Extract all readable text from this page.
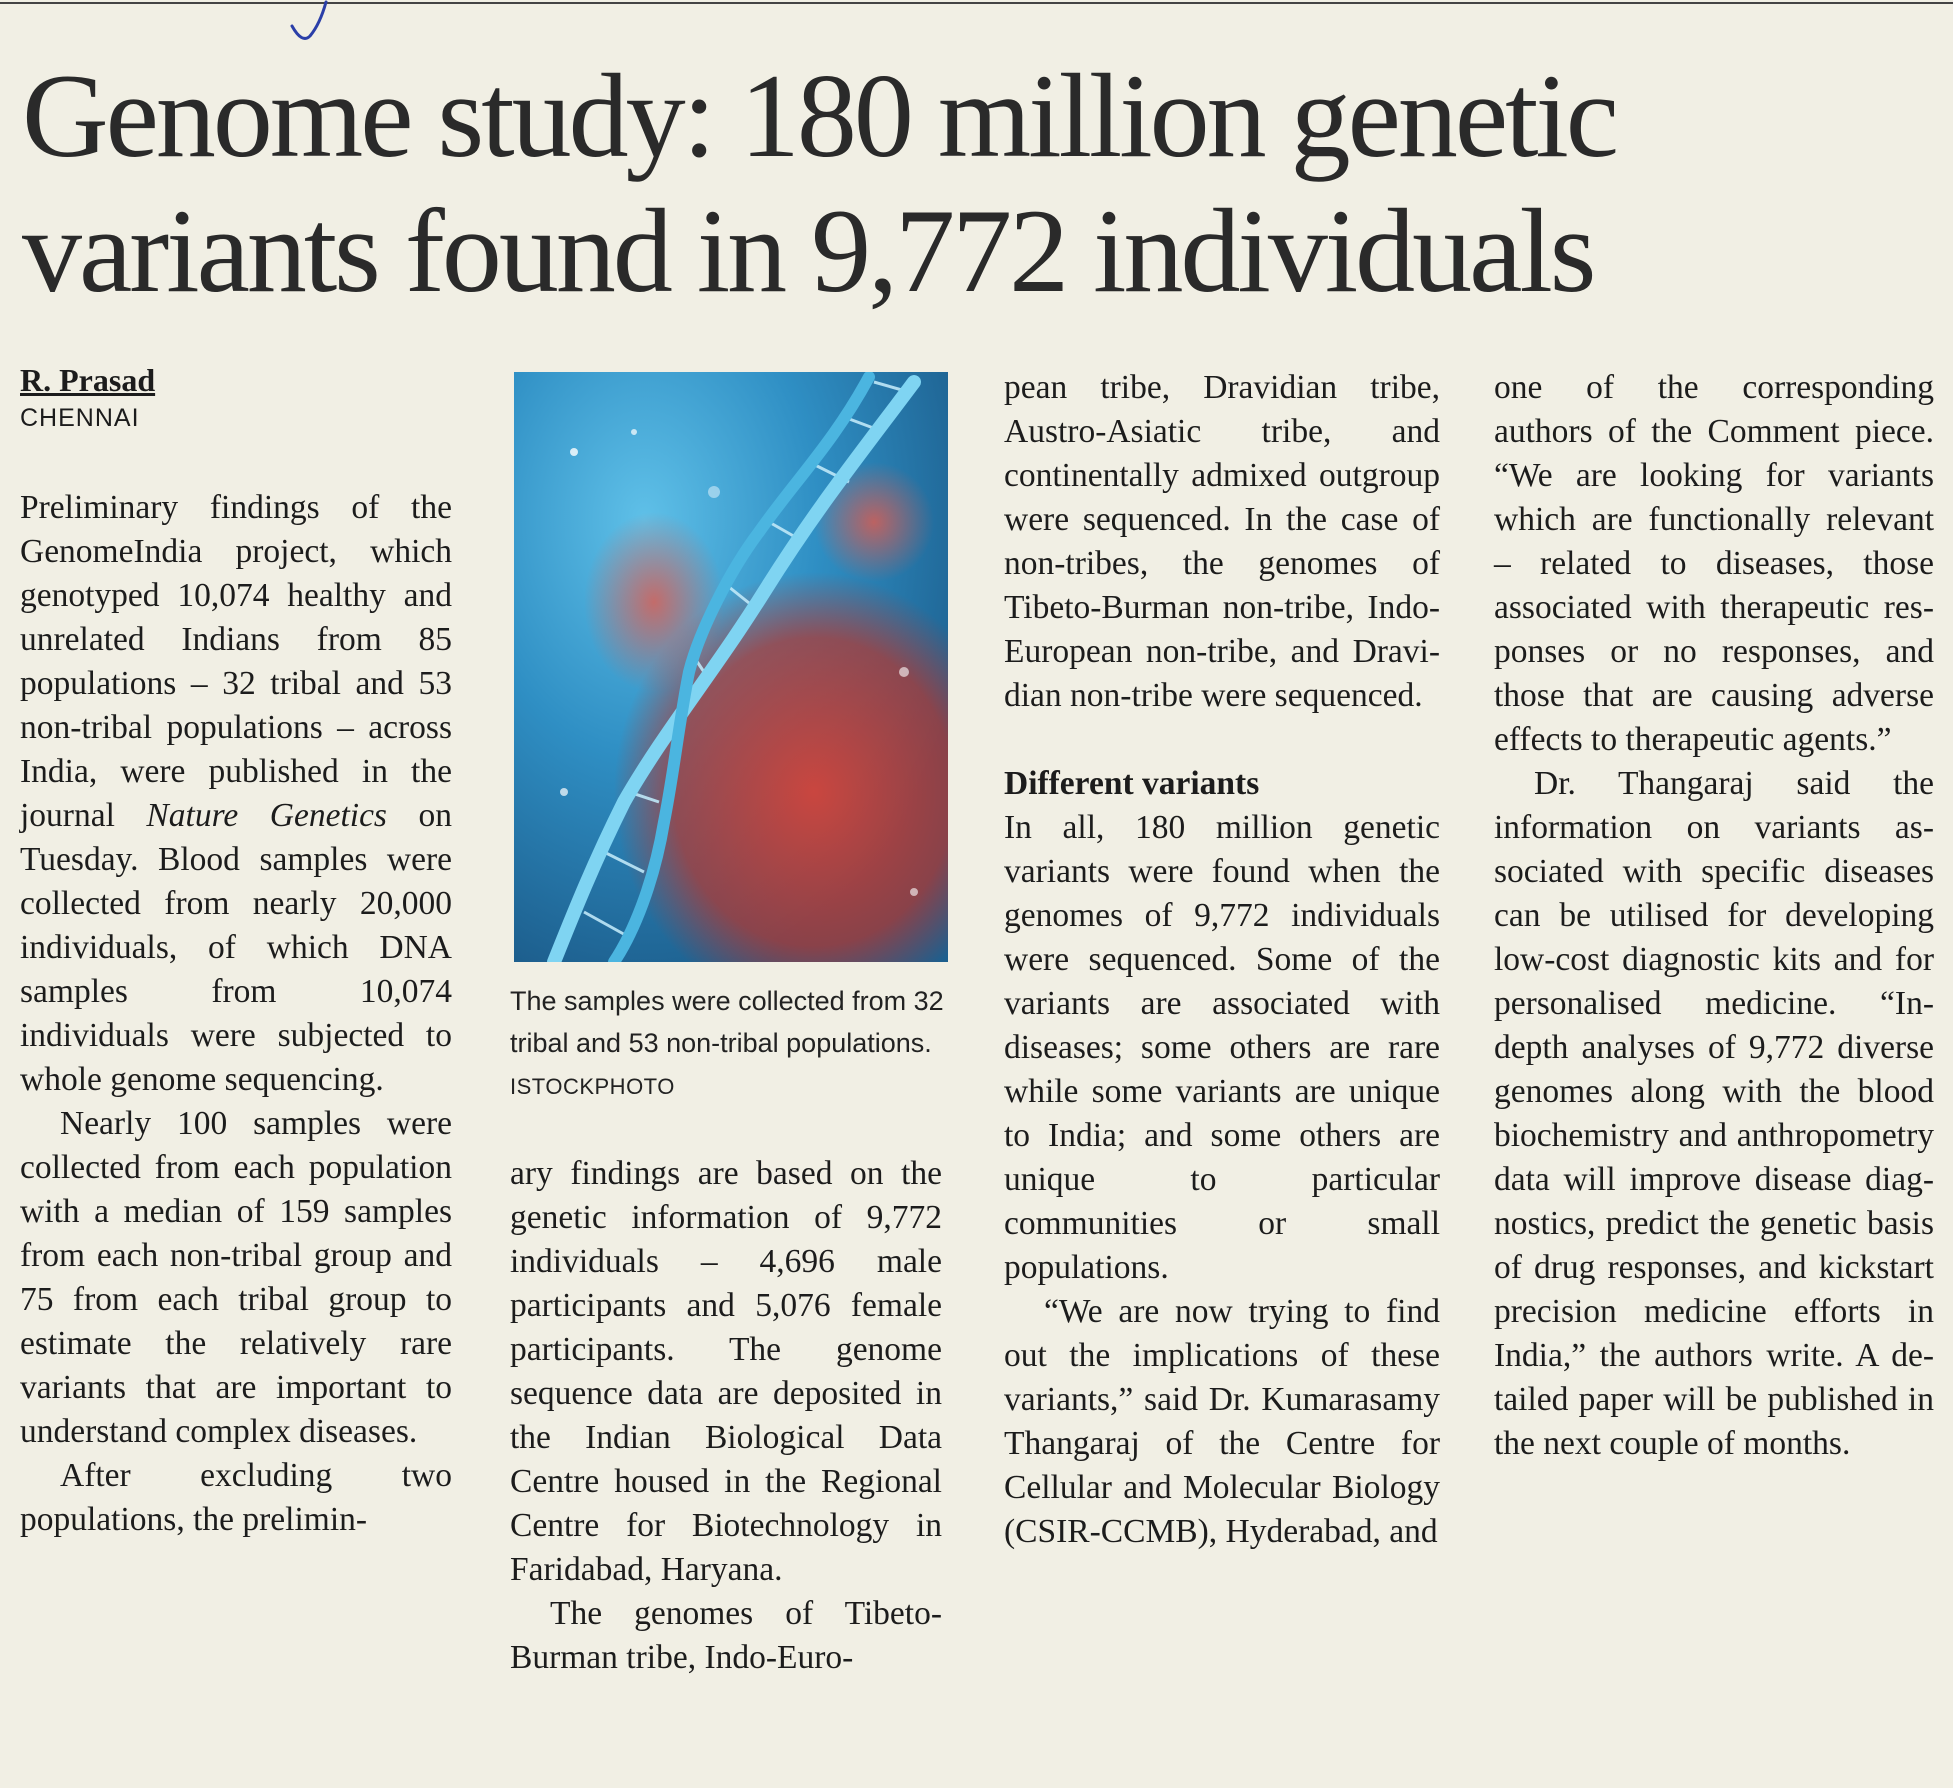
Genome study: 180 million genetic
variants found in 9,772 individuals

R. Prasad

CHENNAI

Preliminary findings of the GenomeIndia project, which genotyped 10,074 healthy and unrelated Indians from 85 populations – 32 tribal and 53 non-tribal populations – across India, were published in the journal Nature Genetics on Tuesday. Blood samples were collected from nearly 20,000 individuals, of which DNA samples from 10,074 individuals were subjected to whole genome sequencing.

Nearly 100 samples were collected from each population with a median of 159 samples from each non-tribal group and 75 from each tribal group to estimate the relatively rare variants that are important to understand complex diseases.

After excluding two populations, the prelimin-

The samples were collected from 32 tribal and 53 non-tribal populations. ISTOCKPHOTO

ary findings are based on the genetic information of 9,772 individuals – 4,696 male participants and 5,076 female participants. The genome sequence data are deposited in the Indian Biological Data Centre housed in the Regional Centre for Biotechnology in Faridabad, Haryana.

The genomes of Tibeto-Burman tribe, Indo-Euro-

pean tribe, Dravidian tribe, Austro-Asiatic tribe, and continentally admixed outgroup were sequenced. In the case of non-tribes, the genomes of Tibeto-Burman non-tribe, Indo-European non-tribe, and Dravidian non-tribe were sequenced.

Different variants

In all, 180 million genetic variants were found when the genomes of 9,772 individuals were sequenced. Some of the variants are associated with diseases; some others are rare while some variants are unique to India; and some others are unique to particular communities or small populations.

“We are now trying to find out the implications of these variants,” said Dr. Kumarasamy Thangaraj of the Centre for Cellular and Molecular Biology (CSIR-CCMB), Hyderabad, and

one of the corresponding authors of the Comment piece. “We are looking for variants which are functionally relevant – related to diseases, those associated with therapeutic responses or no responses, and those that are causing adverse effects to therapeutic agents.”

Dr. Thangaraj said the information on variants associated with specific diseases can be utilised for developing low-cost diagnostic kits and for personalised medicine. “In-depth analyses of 9,772 diverse genomes along with the blood biochemistry and anthropometry data will improve disease diagnostics, predict the genetic basis of drug responses, and kickstart precision medicine efforts in India,” the authors write. A detailed paper will be published in the next couple of months.
